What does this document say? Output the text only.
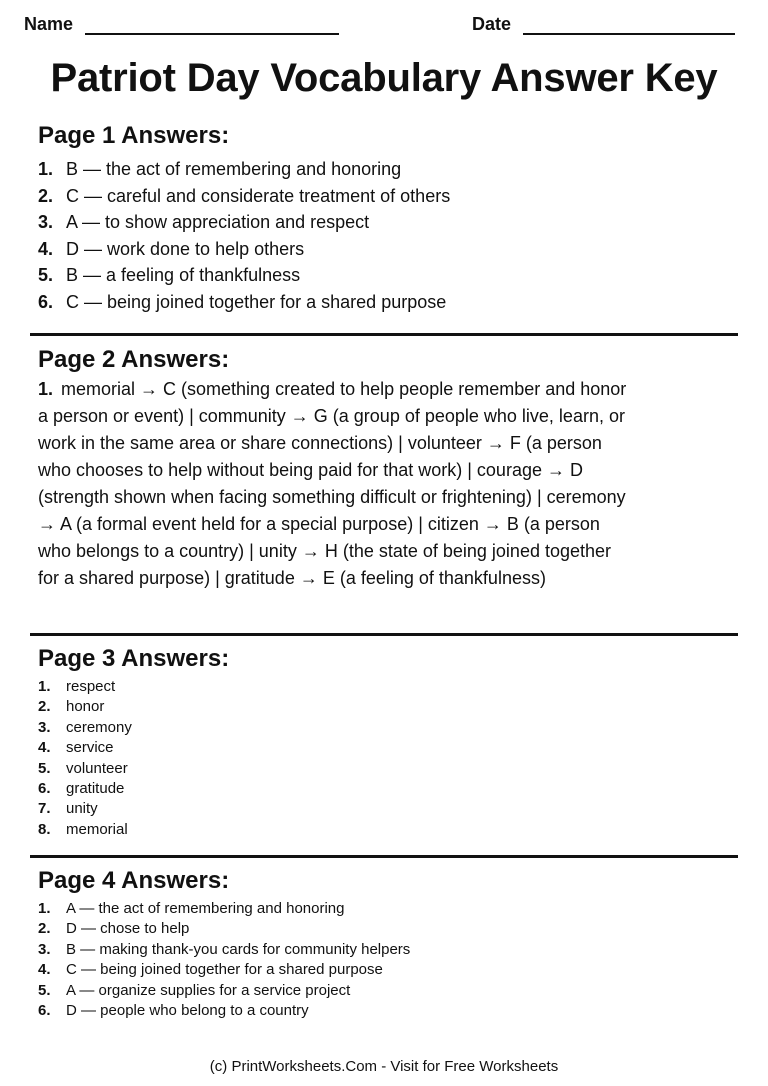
Name	Date
Patriot Day Vocabulary Answer Key
Page 1 Answers:
1. B — the act of remembering and honoring
2. C — careful and considerate treatment of others
3. A — to show appreciation and respect
4. D — work done to help others
5. B — a feeling of thankfulness
6. C — being joined together for a shared purpose
Page 2 Answers:

1. memorial → C (something created to help people remember and honor a person or event) | community → G (a group of people who live, learn, or work in the same area or share connections) | volunteer → F (a person who chooses to help without being paid for that work) | courage → D (strength shown when facing something difficult or frightening) | ceremony → A (a formal event held for a special purpose) | citizen → B (a person who belongs to a country) | unity → H (the state of being joined together for a shared purpose) | gratitude → E (a feeling of thankfulness)

Page 3 Answers:
1.	respect
2.	honor
3.	ceremony
4.	service
5.	volunteer
6.	gratitude
7.	unity
8.	memorial
Page 4 Answers:
1.	A — the act of remembering and honoring
2.	D — chose to help
3.	B — making thank-you cards for community helpers
4.	C — being joined together for a shared purpose
5.	A — organize supplies for a service project
6.	D — people who belong to a country
(c) PrintWorksheets.Com - Visit for Free Worksheets
